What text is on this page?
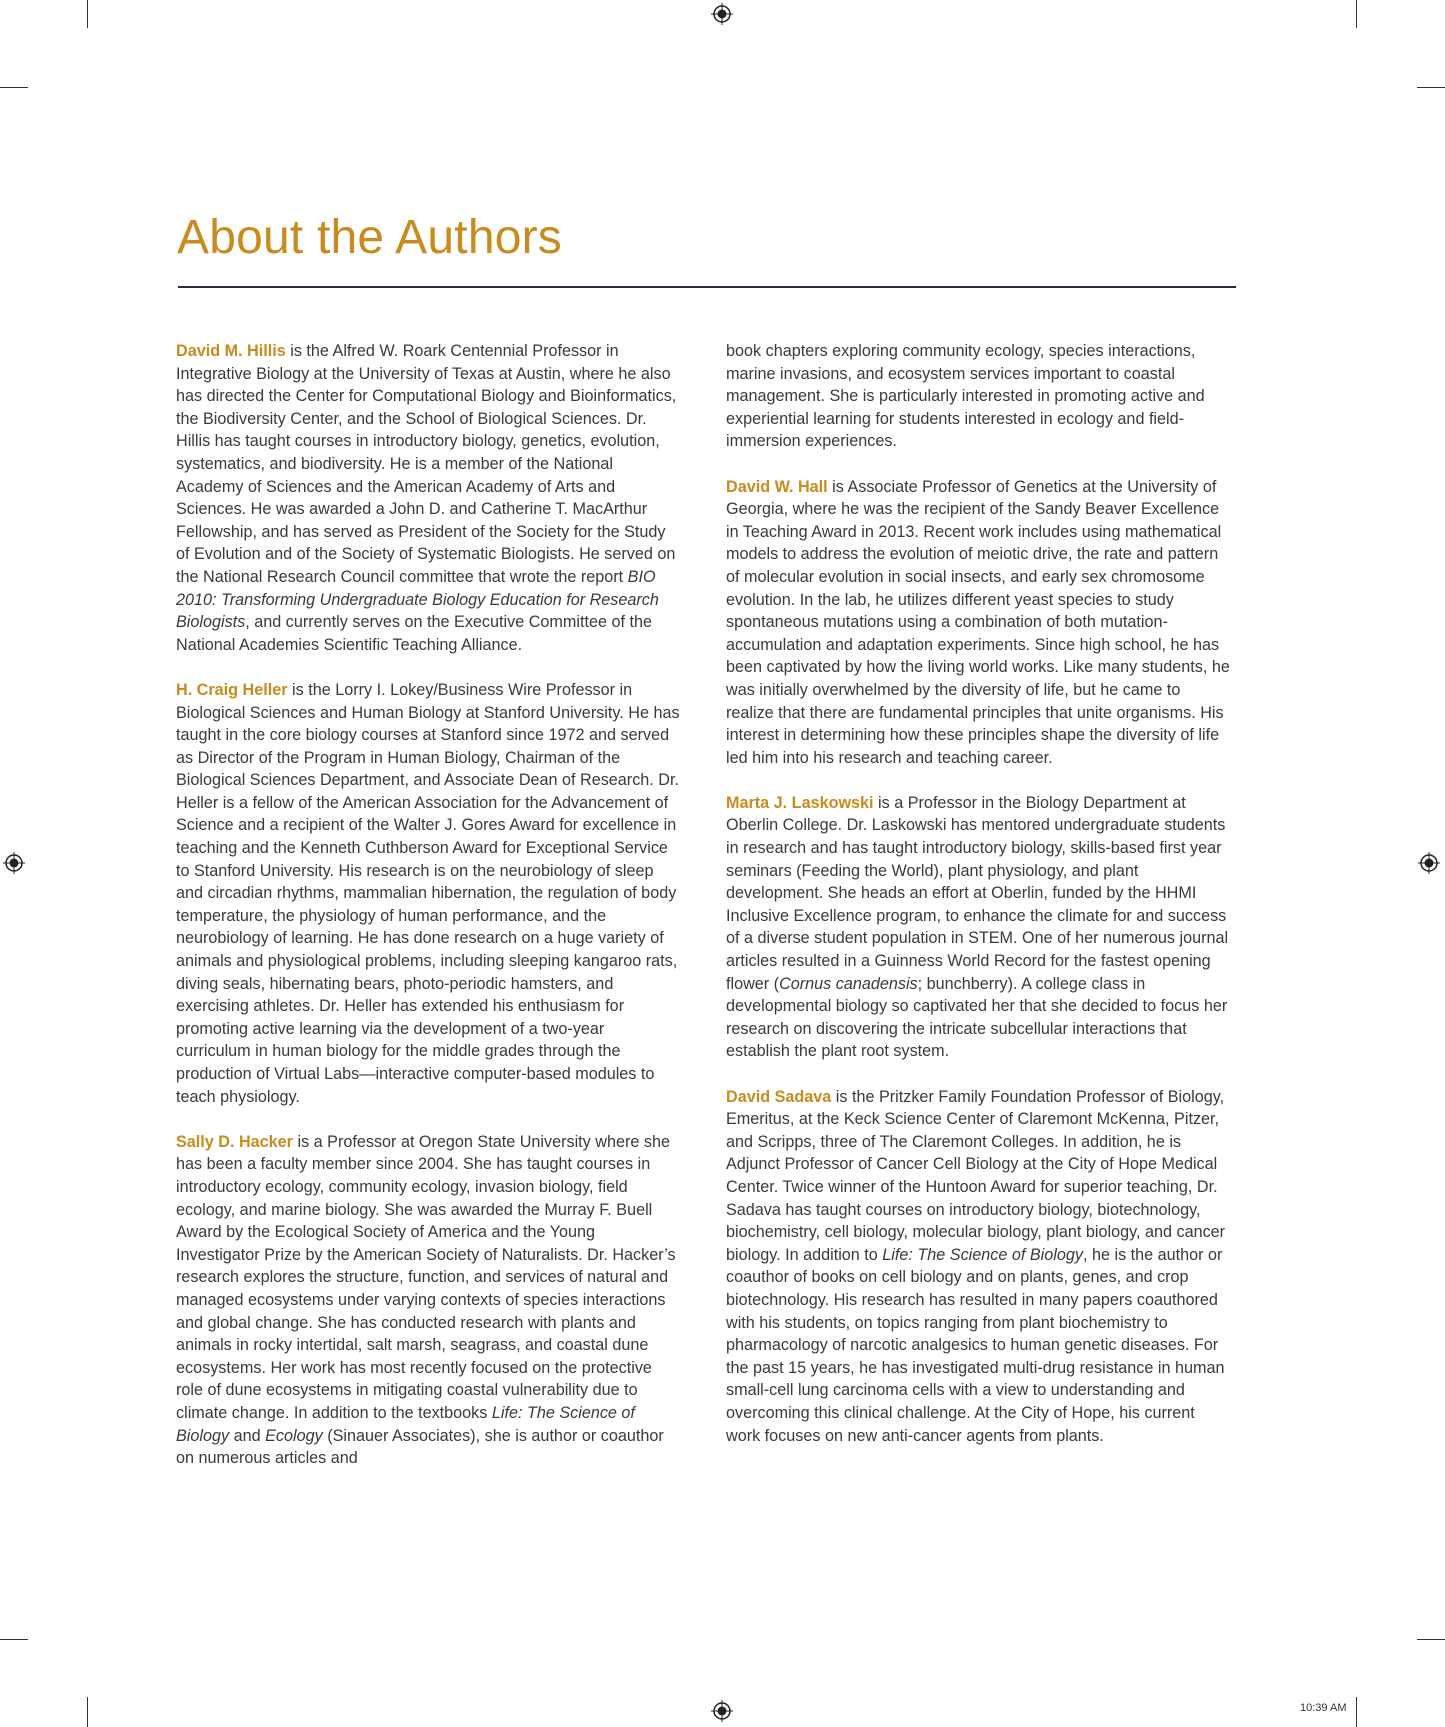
About the Authors

David M. Hillis is the Alfred W. Roark Centennial Professor in Integrative Biology at the University of Texas at Austin, where he also has directed the Center for Computational Biology and Bioinformatics, the Biodiversity Center, and the School of Biological Sciences. Dr. Hillis has taught courses in introductory biology, genetics, evolution, systematics, and biodiversity. He is a member of the National Academy of Sciences and the American Academy of Arts and Sciences. He was awarded a John D. and Catherine T. MacArthur Fellowship, and has served as President of the Society for the Study of Evolution and of the Society of Systematic Biologists. He served on the National Research Council committee that wrote the report BIO 2010: Transforming Undergraduate Biology Education for Research Biologists, and currently serves on the Executive Committee of the National Academies Scientific Teaching Alliance.

H. Craig Heller is the Lorry I. Lokey/Business Wire Professor in Biological Sciences and Human Biology at Stanford University. He has taught in the core biology courses at Stanford since 1972 and served as Director of the Program in Human Biology, Chairman of the Biological Sciences Department, and Associate Dean of Research. Dr. Heller is a fellow of the American Association for the Advancement of Science and a recipient of the Walter J. Gores Award for excellence in teaching and the Kenneth Cuthberson Award for Exceptional Service to Stanford University. His research is on the neurobiology of sleep and circadian rhythms, mammalian hibernation, the regulation of body temperature, the physiology of human performance, and the neurobiology of learning. He has done research on a huge variety of animals and physiological problems, including sleeping kangaroo rats, diving seals, hibernating bears, photo-periodic hamsters, and exercising athletes. Dr. Heller has extended his enthusiasm for promoting active learning via the development of a two-year curriculum in human biology for the middle grades through the production of Virtual Labs—interactive computer-based modules to teach physiology.

Sally D. Hacker is a Professor at Oregon State University where she has been a faculty member since 2004. She has taught courses in introductory ecology, community ecology, invasion biology, field ecology, and marine biology. She was awarded the Murray F. Buell Award by the Ecological Society of America and the Young Investigator Prize by the American Society of Naturalists. Dr. Hacker’s research explores the structure, function, and services of natural and managed ecosystems under varying contexts of species interactions and global change. She has conducted research with plants and animals in rocky intertidal, salt marsh, seagrass, and coastal dune ecosystems. Her work has most recently focused on the protective role of dune ecosystems in mitigating coastal vulnerability due to climate change. In addition to the textbooks Life: The Science of Biology and Ecology (Sinauer Associates), she is author or coauthor on numerous articles and

book chapters exploring community ecology, species interactions, marine invasions, and ecosystem services important to coastal management. She is particularly interested in promoting active and experiential learning for students interested in ecology and field-immersion experiences.

David W. Hall is Associate Professor of Genetics at the University of Georgia, where he was the recipient of the Sandy Beaver Excellence in Teaching Award in 2013. Recent work includes using mathematical models to address the evolution of meiotic drive, the rate and pattern of molecular evolution in social insects, and early sex chromosome evolution. In the lab, he utilizes different yeast species to study spontaneous mutations using a combination of both mutation-accumulation and adaptation experiments. Since high school, he has been captivated by how the living world works. Like many students, he was initially overwhelmed by the diversity of life, but he came to realize that there are fundamental principles that unite organisms. His interest in determining how these principles shape the diversity of life led him into his research and teaching career.

Marta J. Laskowski is a Professor in the Biology Department at Oberlin College. Dr. Laskowski has mentored undergraduate students in research and has taught introductory biology, skills-based first year seminars (Feeding the World), plant physiology, and plant development. She heads an effort at Oberlin, funded by the HHMI Inclusive Excellence program, to enhance the climate for and success of a diverse student population in STEM. One of her numerous journal articles resulted in a Guinness World Record for the fastest opening flower (Cornus canadensis; bunchberry). A college class in developmental biology so captivated her that she decided to focus her research on discovering the intricate subcellular interactions that establish the plant root system.

David Sadava is the Pritzker Family Foundation Professor of Biology, Emeritus, at the Keck Science Center of Claremont McKenna, Pitzer, and Scripps, three of The Claremont Colleges. In addition, he is Adjunct Professor of Cancer Cell Biology at the City of Hope Medical Center. Twice winner of the Huntoon Award for superior teaching, Dr. Sadava has taught courses on introductory biology, biotechnology, biochemistry, cell biology, molecular biology, plant biology, and cancer biology. In addition to Life: The Science of Biology, he is the author or coauthor of books on cell biology and on plants, genes, and crop biotechnology. His research has resulted in many papers coauthored with his students, on topics ranging from plant biochemistry to pharmacology of narcotic analgesics to human genetic diseases. For the past 15 years, he has investigated multi-drug resistance in human small-cell lung carcinoma cells with a view to understanding and overcoming this clinical challenge. At the City of Hope, his current work focuses on new anti-cancer agents from plants.

10:39 AM
